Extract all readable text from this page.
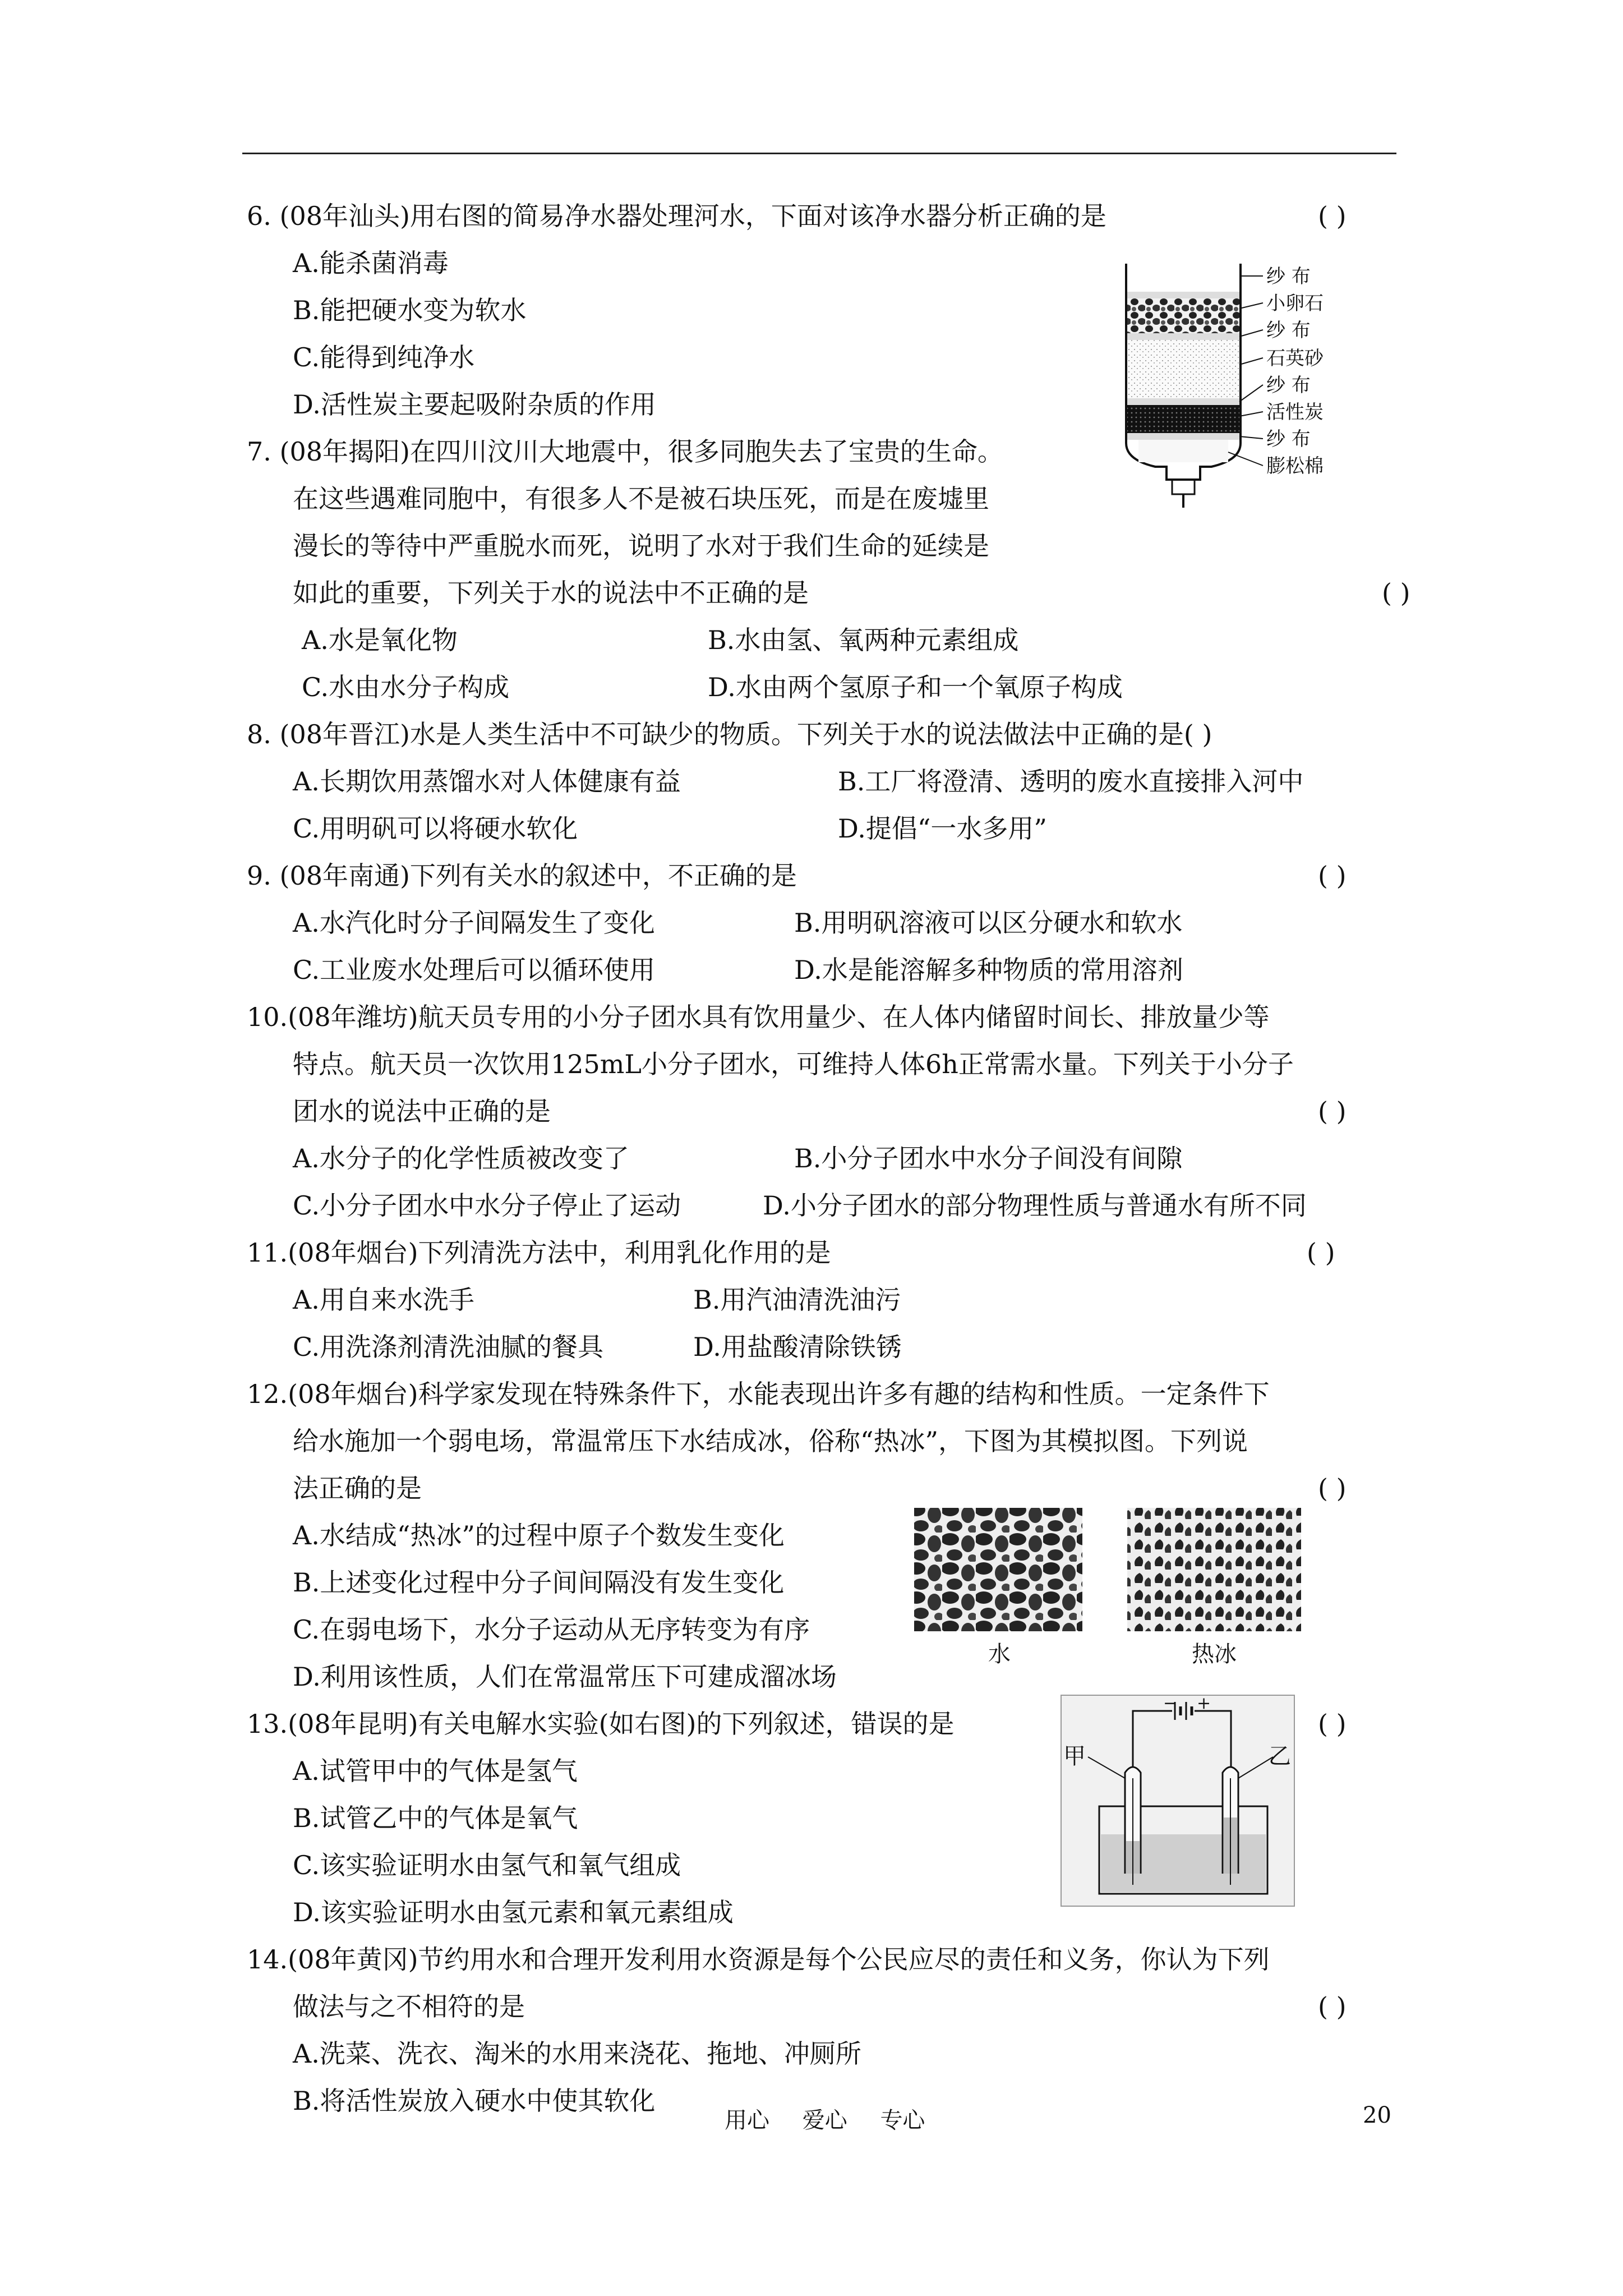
6. (08年汕头)用右图的简易净水器处理河水，下面对该净水器分析正确的是	( )
A.能杀菌消毒
B.能把硬水变为软水
C.能得到纯净水
D.活性炭主要起吸附杂质的作用
纱 布
小卵石
纱 布
石英砂
纱 布
活性炭
纱 布
膨松棉
7. (08年揭阳)在四川汶川大地震中，很多同胞失去了宝贵的生命。
在这些遇难同胞中，有很多人不是被石块压死，而是在废墟里
漫长的等待中严重脱水而死，说明了水对于我们生命的延续是
如此的重要，下列关于水的说法中不正确的是	( )
A.水是氧化物	B.水由氢、氧两种元素组成
C.水由水分子构成	D.水由两个氢原子和一个氧原子构成
8. (08年晋江)水是人类生活中不可缺少的物质。下列关于水的说法做法中正确的是( )
A.长期饮用蒸馏水对人体健康有益	B.工厂将澄清、透明的废水直接排入河中
C.用明矾可以将硬水软化	D.提倡“一水多用”
9. (08年南通)下列有关水的叙述中，不正确的是	( )
A.水汽化时分子间隔发生了变化	B.用明矾溶液可以区分硬水和软水
C.工业废水处理后可以循环使用	D.水是能溶解多种物质的常用溶剂
10.(08年潍坊)航天员专用的小分子团水具有饮用量少、在人体内储留时间长、排放量少等
特点。航天员一次饮用125mL小分子团水，可维持人体6h正常需水量。下列关于小分子
团水的说法中正确的是	( )
A.水分子的化学性质被改变了	B.小分子团水中水分子间没有间隙
C.小分子团水中水分子停止了运动	D.小分子团水的部分物理性质与普通水有所不同
11.(08年烟台)下列清洗方法中，利用乳化作用的是	( )
A.用自来水洗手	B.用汽油清洗油污
C.用洗涤剂清洗油腻的餐具	D.用盐酸清除铁锈
12.(08年烟台)科学家发现在特殊条件下，水能表现出许多有趣的结构和性质。一定条件下
给水施加一个弱电场，常温常压下水结成冰，俗称“热冰”，下图为其模拟图。下列说
法正确的是	( )
A.水结成“热冰”的过程中原子个数发生变化
B.上述变化过程中分子间间隔没有发生变化
C.在弱电场下，水分子运动从无序转变为有序
D.利用该性质，人们在常温常压下可建成溜冰场
水	热冰
13.(08年昆明)有关电解水实验(如右图)的下列叙述，错误的是	( )
A.试管甲中的气体是氢气
B.试管乙中的气体是氧气
C.该实验证明水由氢气和氧气组成
D.该实验证明水由氢元素和氧元素组成
− +
甲	乙
14.(08年黄冈)节约用水和合理开发利用水资源是每个公民应尽的责任和义务，你认为下列
做法与之不相符的是	( )
A.洗菜、洗衣、淘米的水用来浇花、拖地、冲厕所
B.将活性炭放入硬水中使其软化
用心 爱心 专心	20
